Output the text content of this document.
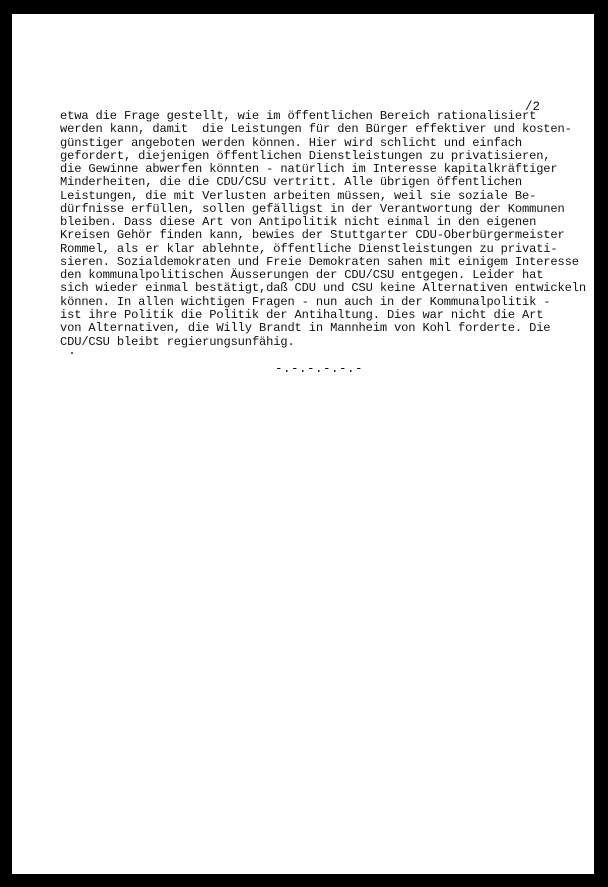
/2
etwa die Frage gestellt, wie im öffentlichen Bereich rationalisiert
werden kann, damit  die Leistungen für den Bürger effektiver und kosten-
günstiger angeboten werden können. Hier wird schlicht und einfach
gefordert, diejenigen öffentlichen Dienstleistungen zu privatisieren,
die Gewinne abwerfen könnten - natürlich im Interesse kapitalkräftiger
Minderheiten, die die CDU/CSU vertritt. Alle übrigen öffentlichen
Leistungen, die mit Verlusten arbeiten müssen, weil sie soziale Be-
dürfnisse erfüllen, sollen gefälligst in der Verantwortung der Kommunen
bleiben. Dass diese Art von Antipolitik nicht einmal in den eigenen
Kreisen Gehör finden kann, bewies der Stuttgarter CDU-Oberbürgermeister
Rommel, als er klar ablehnte, öffentliche Dienstleistungen zu privati-
sieren. Sozialdemokraten und Freie Demokraten sahen mit einigem Interesse
den kommunalpolitischen Äusserungen der CDU/CSU entgegen. Leider hat
sich wieder einmal bestätigt,daß CDU und CSU keine Alternativen entwickeln
können. In allen wichtigen Fragen - nun auch in der Kommunalpolitik -
ist ihre Politik die Politik der Antihaltung. Dies war nicht die Art
von Alternativen, die Willy Brandt in Mannheim von Kohl forderte. Die
CDU/CSU bleibt regierungsunfähig.
-.-.-.-.-.-
